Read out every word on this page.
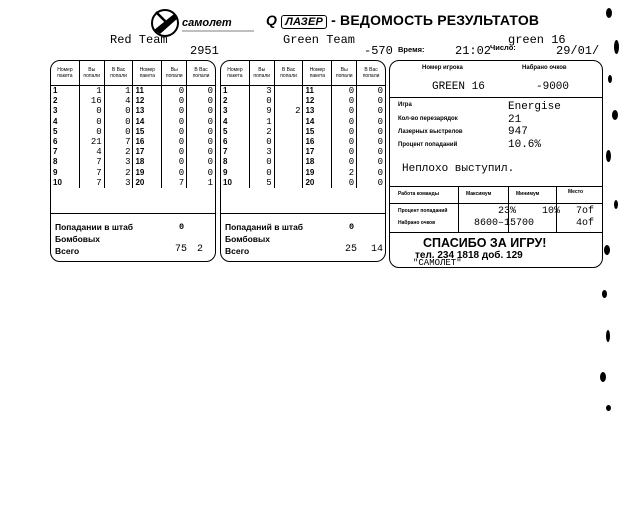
самолет Q ЛАЗЕР - ВЕДОМОСТЬ РЕЗУЛЬТАТОВ
Red Team
2951
Green Team
-570
green 16
Время:	21:02
Число:	29/01/
Номер пакета	Вы попали	В Вас попали	Номер пакета	Вы попали	В Вас попали
1	1	1	11	0	0
2	16	4	12	0	0
3	0	0	13	0	0
4	0	0	14	0	0
5	0	0	15	0	0
6	21	7	16	0	0
7	4	2	17	0	0
8	7	3	18	0	0
9	7	2	19	0	0
10	7	3	20	7	1
Попадании в штаб	0
Бомбовых
Всего	75 2
Номер пакета	Вы попали	В Вас попали	Номер пакета	Вы попали	В Вас попали
1	3		11	0	0
2	0		12	0	0
3	9	2	13	0	0
4	1		14	0	0
5	2		15	0	0
6	0		16	0	0
7	3		17	0	0
8	0		18	0	0
9	0		19	2	0
10	5		20	0	0
Попаданий в штаб	0
Бомбовых
Всего	25 14
Номер игрока	Набрано очков
GREEN 16	-9000
Игра	Energise
Кол-во перезарядок	21
Лазерных выстрелов	947
Процент попаданий	10.6%
Неплохо выступил.
Работа команды	Максимум	Минимум	Место
Процент попаданий	23%	10% 7of
Набрано очков	8600–15700	4of
СПАСИБО ЗА ИГРУ!
тел. 234 1818 доб. 129
"САМОЛЕТ"
